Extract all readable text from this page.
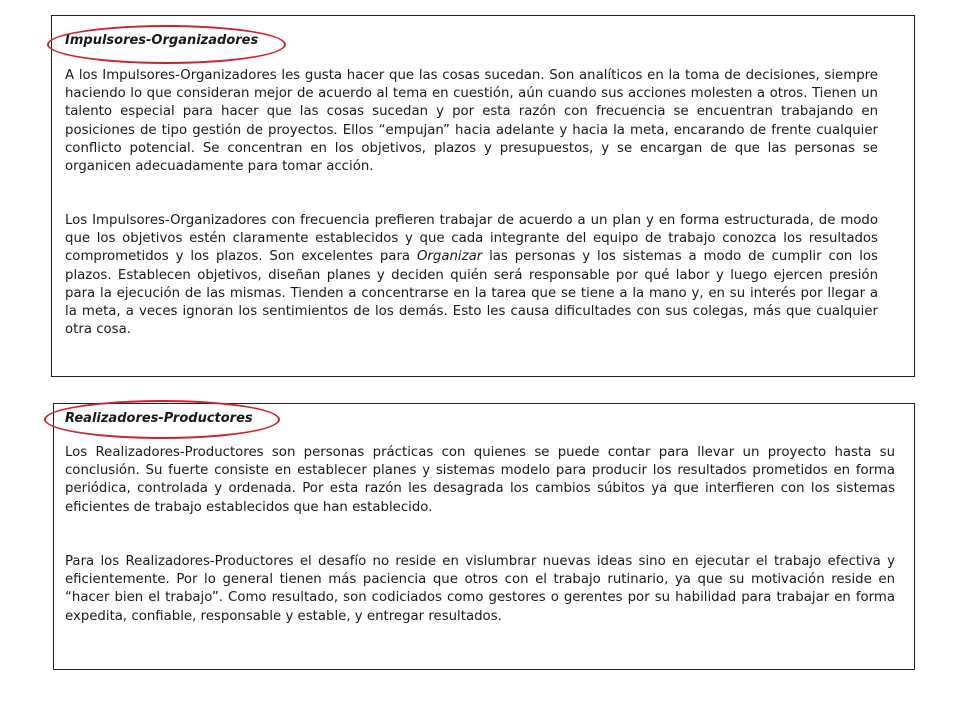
Impulsores-Organizadores

A los Impulsores-Organizadores les gusta hacer que las cosas sucedan. Son analíticos en la toma de decisiones, siempre haciendo lo que consideran mejor de acuerdo al tema en cuestión, aún cuando sus acciones molesten a otros. Tienen un talento especial para hacer que las cosas sucedan y por esta razón con frecuencia se encuentran trabajando en posiciones de tipo gestión de proyectos. Ellos “empujan” hacia adelante y hacia la meta, encarando de frente cualquier conflicto potencial. Se concentran en los objetivos, plazos y presupuestos, y se encargan de que las personas se organicen adecuadamente para tomar acción.

Los Impulsores-Organizadores con frecuencia prefieren trabajar de acuerdo a un plan y en forma estructurada, de modo que los objetivos estén claramente establecidos y que cada integrante del equipo de trabajo conozca los resultados comprometidos y los plazos. Son excelentes para Organizar las personas y los sistemas a modo de cumplir con los plazos. Establecen objetivos, diseñan planes y deciden quién será responsable por qué labor y luego ejercen presión para la ejecución de las mismas. Tienden a concentrarse en la tarea que se tiene a la mano y, en su interés por llegar a la meta, a veces ignoran los sentimientos de los demás. Esto les causa dificultades con sus colegas, más que cualquier otra cosa.

Realizadores-Productores

Los Realizadores-Productores son personas prácticas con quienes se puede contar para llevar un proyecto hasta su conclusión. Su fuerte consiste en establecer planes y sistemas modelo para producir los resultados prometidos en forma periódica, controlada y ordenada. Por esta razón les desagrada los cambios súbitos ya que interfieren con los sistemas eficientes de trabajo establecidos que han establecido.

Para los Realizadores-Productores el desafío no reside en vislumbrar nuevas ideas sino en ejecutar el trabajo efectiva y eficientemente. Por lo general tienen más paciencia que otros con el trabajo rutinario, ya que su motivación reside en “hacer bien el trabajo”. Como resultado, son codiciados como gestores o gerentes por su habilidad para trabajar en forma expedita, confiable, responsable y estable, y entregar resultados.
